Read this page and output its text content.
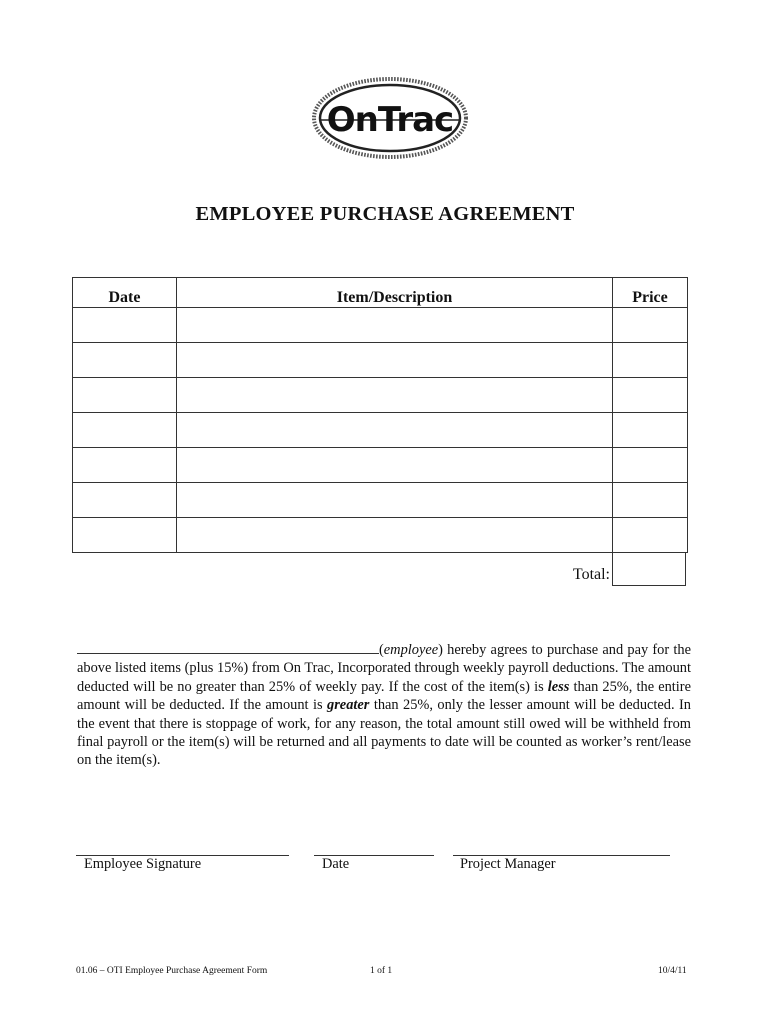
OnTrac
EMPLOYEE PURCHASE AGREEMENT
Date	Item/Description	Price

Total:
(employee) hereby agrees to purchase and pay for the above listed items (plus 15%) from On Trac, Incorporated through weekly payroll deductions. The amount deducted will be no greater than 25% of weekly pay. If the cost of the item(s) is less than 25%, the entire amount will be deducted. If the amount is greater than 25%, only the lesser amount will be deducted. In the event that there is stoppage of work, for any reason, the total amount still owed will be withheld from final payroll or the item(s) will be returned and all payments to date will be counted as worker’s rent/lease on the item(s).
Employee Signature	Date	Project Manager
01.06 – OTI Employee Purchase Agreement Form	1 of 1	10/4/11
